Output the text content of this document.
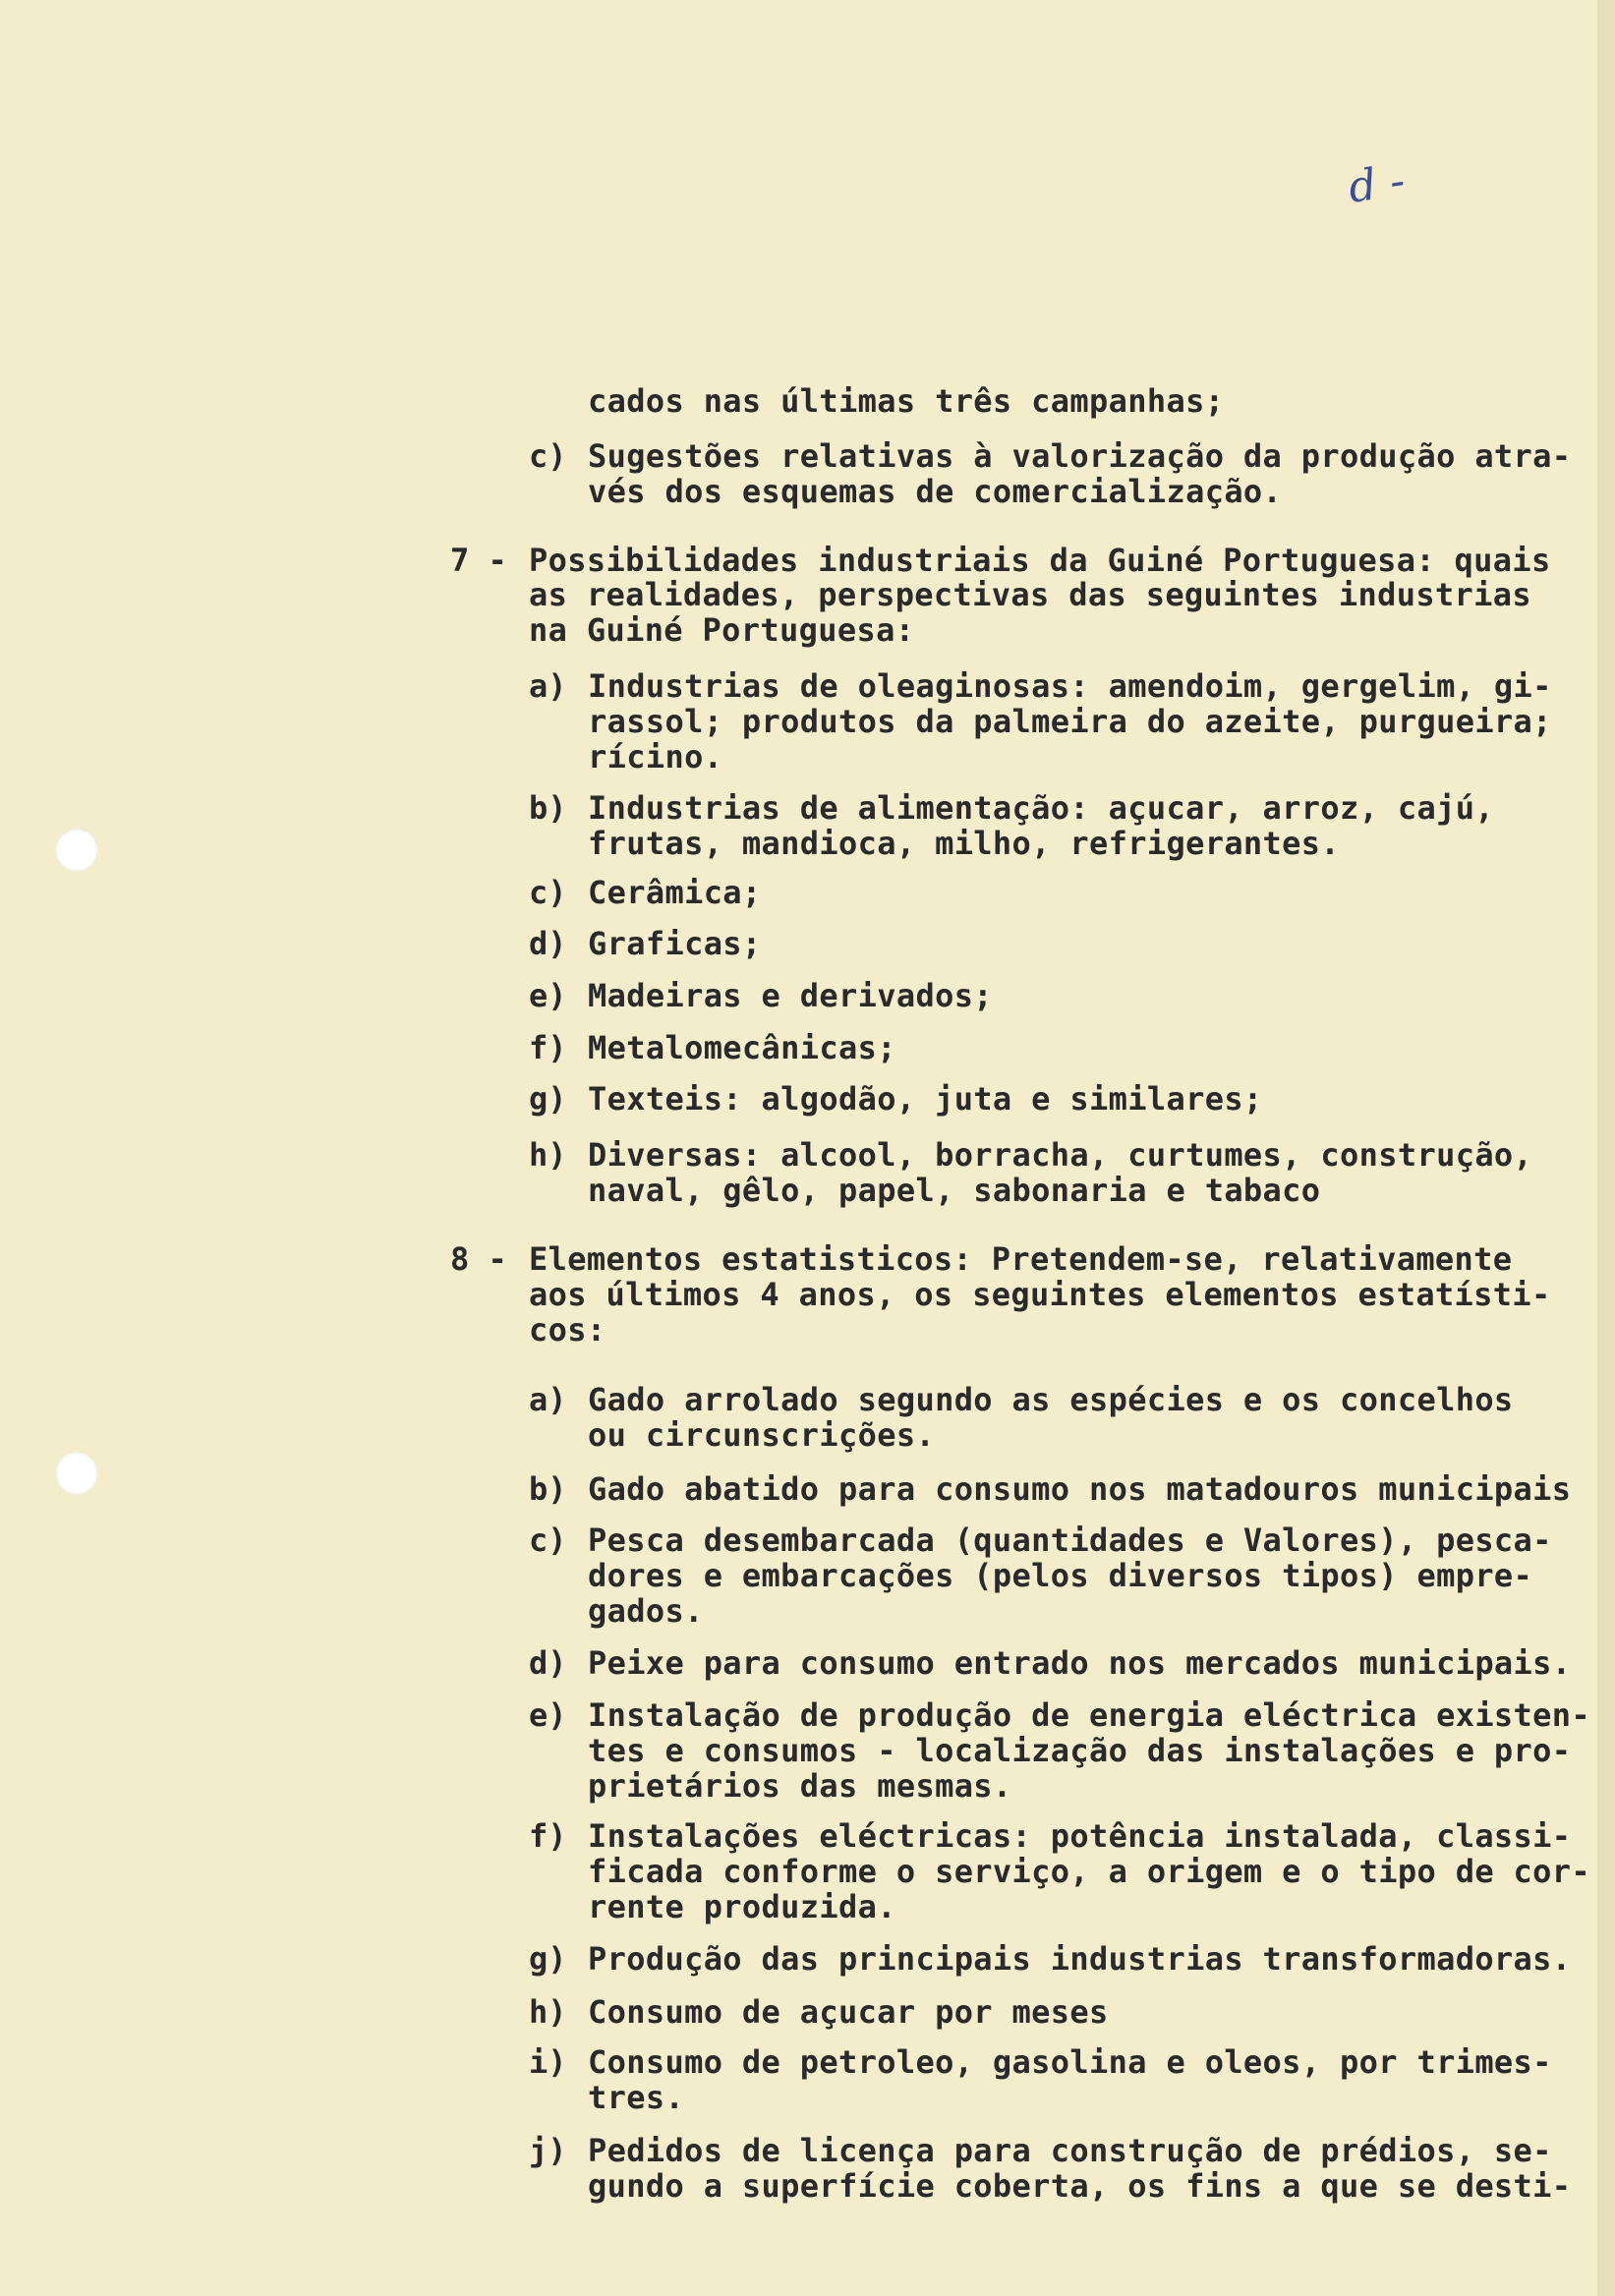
d -
cados nas últimas três campanhas;
c) Sugestões relativas à valorização da produção atra-
vés dos esquemas de comercialização.
7 - Possibilidades industriais da Guiné Portuguesa: quais
as realidades, perspectivas das seguintes industrias
na Guiné Portuguesa:
a) Industrias de oleaginosas: amendoim, gergelim, gi-
rassol; produtos da palmeira do azeite, purgueira;
rícino.
b) Industrias de alimentação: açucar, arroz, cajú,
frutas, mandioca, milho, refrigerantes.
c) Cerâmica;
d) Graficas;
e) Madeiras e derivados;
f) Metalomecânicas;
g) Texteis: algodão, juta e similares;
h) Diversas: alcool, borracha, curtumes, construção,
naval, gêlo, papel, sabonaria e tabaco
8 - Elementos estatisticos: Pretendem-se, relativamente
aos últimos 4 anos, os seguintes elementos estatísti-
cos:
a) Gado arrolado segundo as espécies e os concelhos
ou circunscrições.
b) Gado abatido para consumo nos matadouros municipais
c) Pesca desembarcada (quantidades e Valores), pesca-
dores e embarcações (pelos diversos tipos) empre-
gados.
d) Peixe para consumo entrado nos mercados municipais.
e) Instalação de produção de energia eléctrica existen-
tes e consumos - localização das instalações e pro-
prietários das mesmas.
f) Instalações eléctricas: potência instalada, classi-
ficada conforme o serviço, a origem e o tipo de cor-
rente produzida.
g) Produção das principais industrias transformadoras.
h) Consumo de açucar por meses
i) Consumo de petroleo, gasolina e oleos, por trimes-
tres.
j) Pedidos de licença para construção de prédios, se-
gundo a superfície coberta, os fins a que se desti-
